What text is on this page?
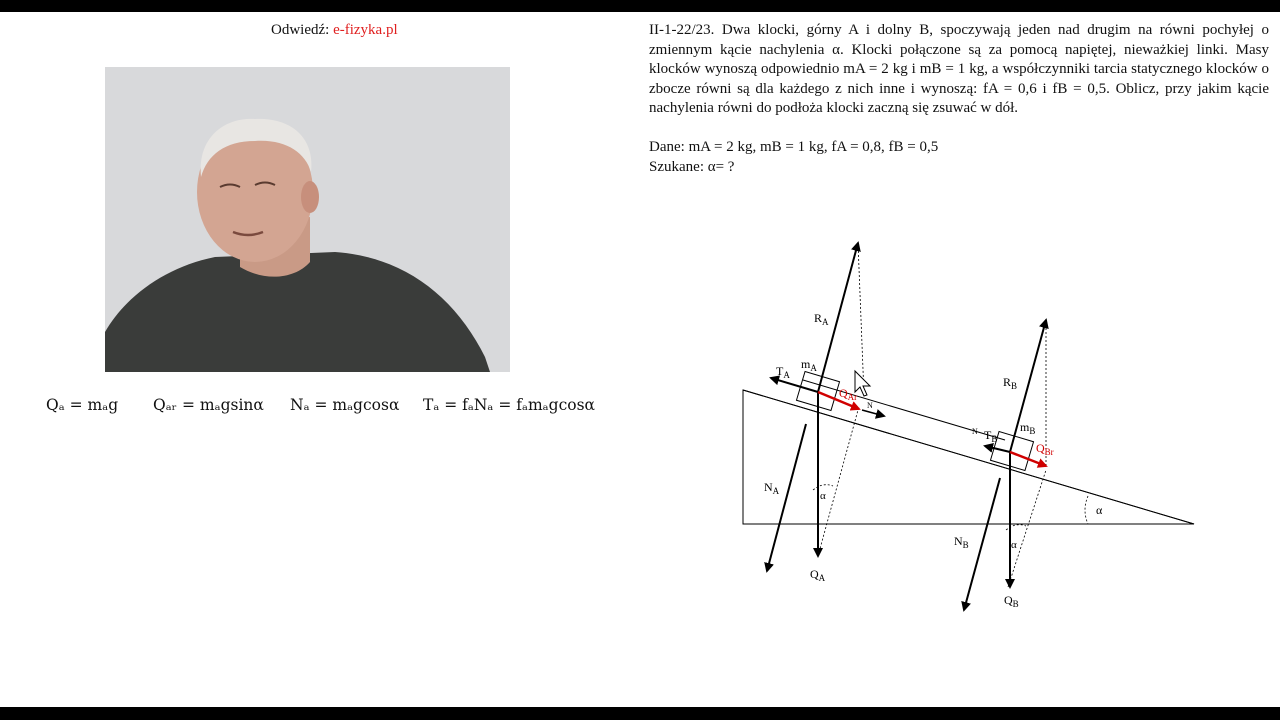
Odwiedź: e-fizyka.pl
Qₐ = mₐg Qₐᵣ = mₐgsinα Nₐ = mₐgcosα Tₐ = fₐNₐ = fₐmₐgcosα

II-1-22/23. Dwa klocki, górny A i dolny B, spoczywają jeden nad drugim na równi pochyłej o zmiennym kącie nachylenia α. Klocki połączone są za pomocą napiętej, nieważkiej linki. Masy klocków wynoszą odpowiednio mA = 2 kg i mB = 1 kg, a współczynniki tarcia statycznego klocków o zbocze równi są dla każdego z nich inne i wynoszą: fA = 0,6 i fB = 0,5. Oblicz, przy jakim kącie nachylenia równi do podłoża klocki zaczną się zsuwać w dół.

Dane: mA = 2 kg, mB = 1 kg, fA = 0,8, fB = 0,5
Szukane: α= ?
$R_A$
$m_A$
$T_A$
$Q_{Ar}$
N
$N_A$	α
$Q_A$
$R_B$
$m_B$
$T_B$
N
$Q_{Br}$
$N_B$	α
$Q_B$
α
